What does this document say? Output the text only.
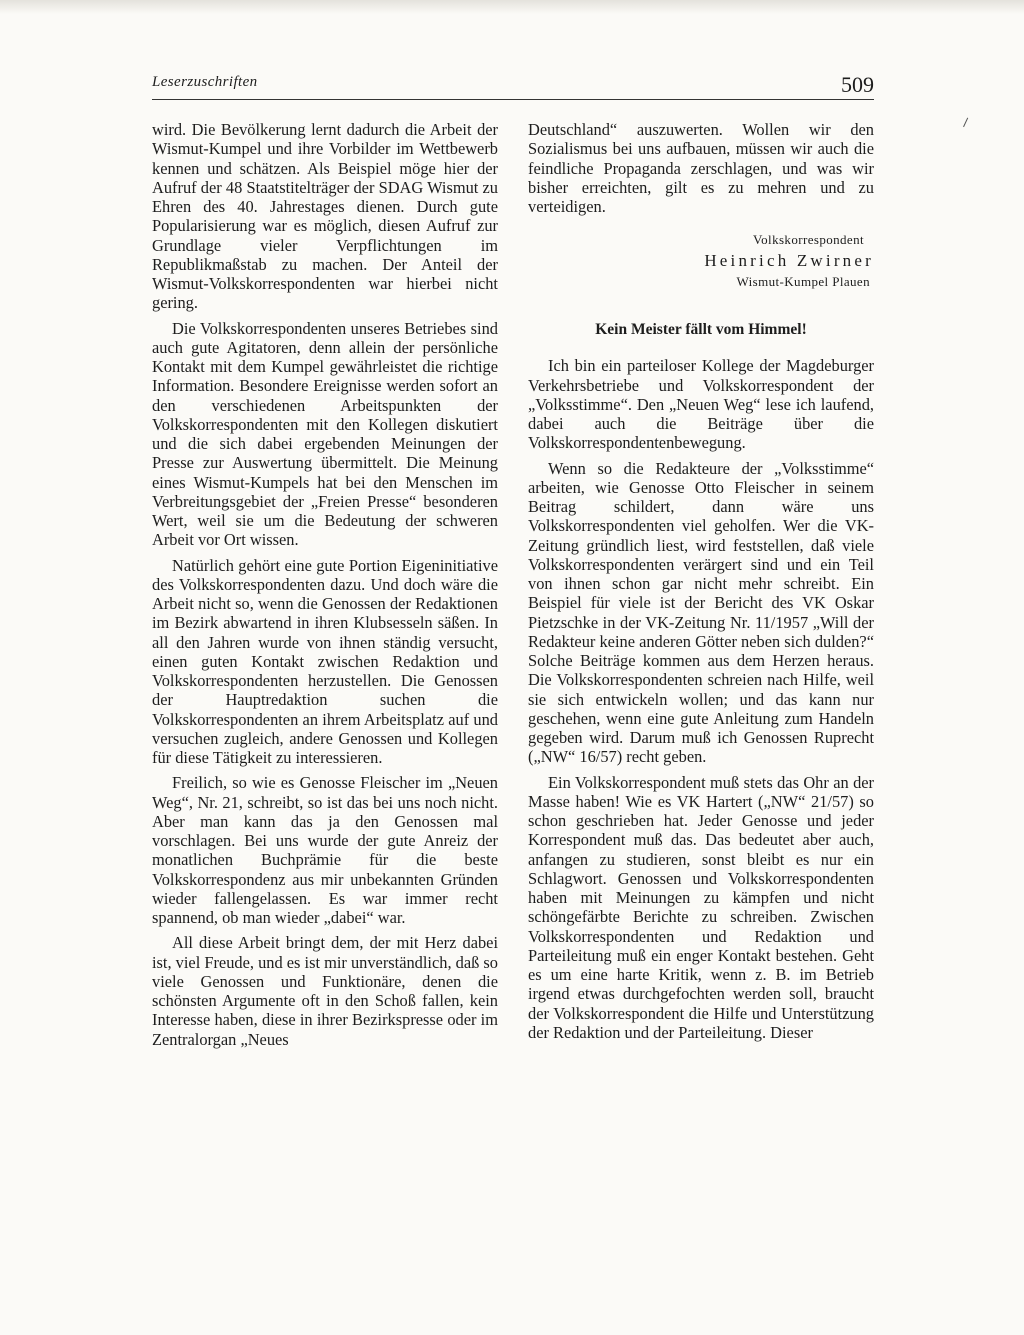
Leserzuschriften	509

wird. Die Bevölkerung lernt dadurch die Arbeit der Wismut-Kumpel und ihre Vorbilder im Wettbewerb kennen und schätzen. Als Beispiel möge hier der Aufruf der 48 Staatstitelträger der SDAG Wismut zu Ehren des 40. Jahrestages dienen. Durch gute Popularisierung war es möglich, diesen Aufruf zur Grundlage vieler Verpflichtungen im Republikmaßstab zu machen. Der Anteil der Wismut-Volkskorrespondenten war hierbei nicht gering.

Die Volkskorrespondenten unseres Betriebes sind auch gute Agitatoren, denn allein der persönliche Kontakt mit dem Kumpel gewährleistet die richtige Information. Besondere Ereignisse werden sofort an den verschiedenen Arbeitspunkten der Volkskorrespondenten mit den Kollegen diskutiert und die sich dabei ergebenden Meinungen der Presse zur Auswertung übermittelt. Die Meinung eines Wismut-Kumpels hat bei den Menschen im Verbreitungsgebiet der „Freien Presse“ besonderen Wert, weil sie um die Bedeutung der schweren Arbeit vor Ort wissen.

Natürlich gehört eine gute Portion Eigeninitiative des Volkskorrespondenten dazu. Und doch wäre die Arbeit nicht so, wenn die Genossen der Redaktionen im Bezirk abwartend in ihren Klubsesseln säßen. In all den Jahren wurde von ihnen ständig versucht, einen guten Kontakt zwischen Redaktion und Volkskorrespondenten herzustellen. Die Genossen der Hauptredaktion suchen die Volkskorrespondenten an ihrem Arbeitsplatz auf und versuchen zugleich, andere Genossen und Kollegen für diese Tätigkeit zu interessieren.

Freilich, so wie es Genosse Fleischer im „Neuen Weg“, Nr. 21, schreibt, so ist das bei uns noch nicht. Aber man kann das ja den Genossen mal vorschlagen. Bei uns wurde der gute Anreiz der monatlichen Buchprämie für die beste Volkskorrespondenz aus mir unbekannten Gründen wieder fallengelassen. Es war immer recht spannend, ob man wieder „dabei“ war.

All diese Arbeit bringt dem, der mit Herz dabei ist, viel Freude, und es ist mir unverständlich, daß so viele Genossen und Funktionäre, denen die schönsten Argumente oft in den Schoß fallen, kein Interesse haben, diese in ihrer Bezirkspresse oder im Zentralorgan „Neues

Deutschland“ auszuwerten. Wollen wir den Sozialismus bei uns aufbauen, müssen wir auch die feindliche Propaganda zerschlagen, und was wir bisher erreichten, gilt es zu mehren und zu verteidigen.

Volkskorrespondent
Heinrich Zwirner
Wismut-Kumpel Plauen
Kein Meister fällt vom Himmel!

Ich bin ein parteiloser Kollege der Magdeburger Verkehrsbetriebe und Volkskorrespondent der „Volksstimme“. Den „Neuen Weg“ lese ich laufend, dabei auch die Beiträge über die Volkskorrespondentenbewegung.

Wenn so die Redakteure der „Volksstimme“ arbeiten, wie Genosse Otto Fleischer in seinem Beitrag schildert, dann wäre uns Volkskorrespondenten viel geholfen. Wer die VK-Zeitung gründlich liest, wird feststellen, daß viele Volkskorrespondenten verärgert sind und ein Teil von ihnen schon gar nicht mehr schreibt. Ein Beispiel für viele ist der Bericht des VK Oskar Pietzschke in der VK-Zeitung Nr. 11/1957 „Will der Redakteur keine anderen Götter neben sich dulden?“ Solche Beiträge kommen aus dem Herzen heraus. Die Volkskorrespondenten schreien nach Hilfe, weil sie sich entwickeln wollen; und das kann nur geschehen, wenn eine gute Anleitung zum Handeln gegeben wird. Darum muß ich Genossen Ruprecht („NW“ 16/57) recht geben.

Ein Volkskorrespondent muß stets das Ohr an der Masse haben! Wie es VK Hartert („NW“ 21/57) so schon geschrieben hat. Jeder Genosse und jeder Korrespondent muß das. Das bedeutet aber auch, anfangen zu studieren, sonst bleibt es nur ein Schlagwort. Genossen und Volkskorrespondenten haben mit Meinungen zu kämpfen und nicht schöngefärbte Berichte zu schreiben. Zwischen Volkskorrespondenten und Redaktion und Parteileitung muß ein enger Kontakt bestehen. Geht es um eine harte Kritik, wenn z. B. im Betrieb irgend etwas durchgefochten werden soll, braucht der Volkskorrespondent die Hilfe und Unterstützung der Redaktion und der Parteileitung. Dieser
